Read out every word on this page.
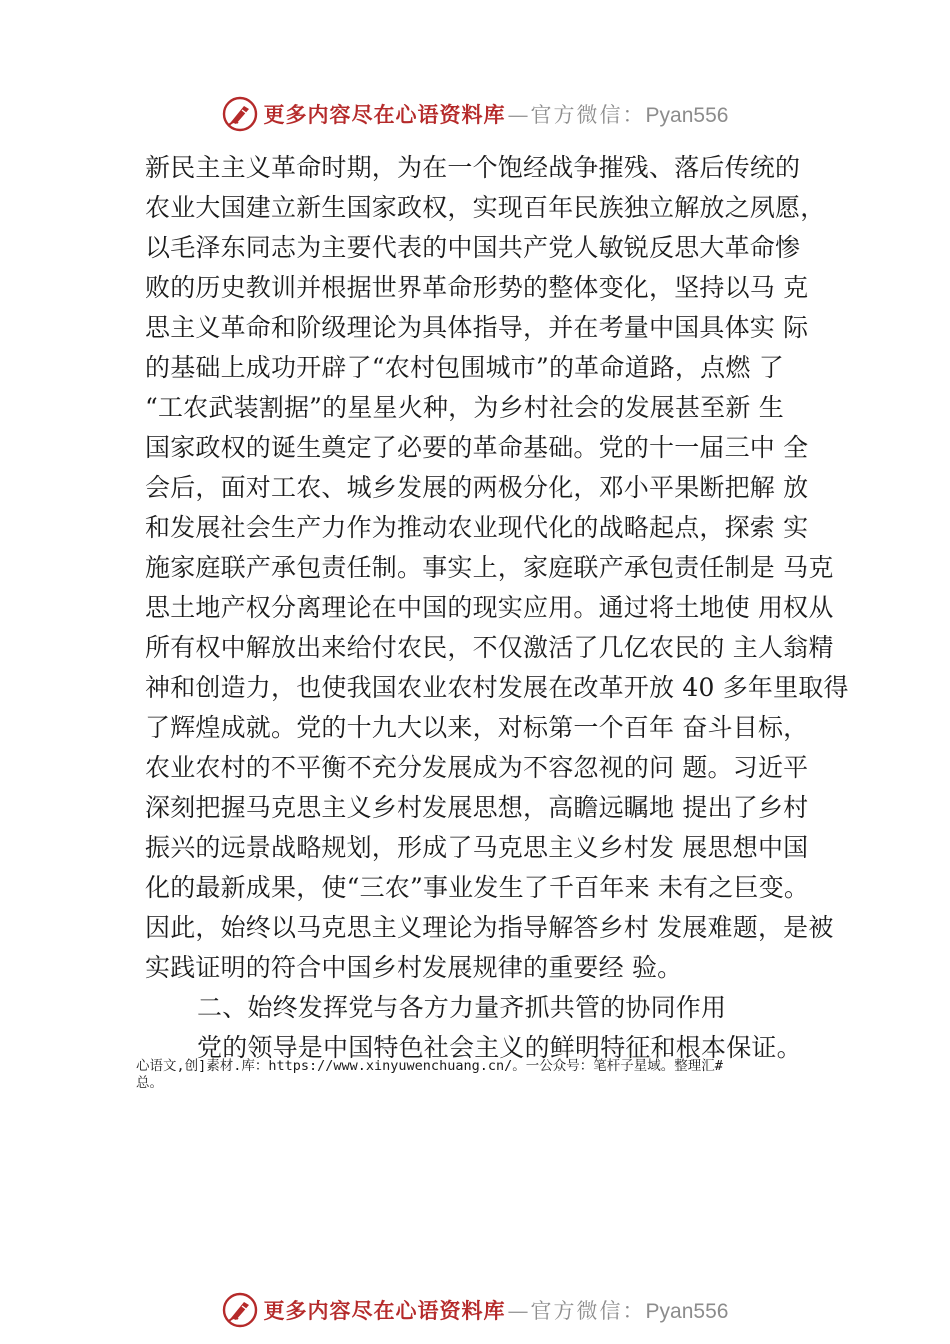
更多内容尽在心语资料库 — 官方微信： Pyan556
新民主主义革命时期，为在一个饱经战争摧残、落后传统的
农业大国建立新生国家政权，实现百年民族独立解放之夙愿，
以毛泽东同志为主要代表的中国共产党人敏锐反思大革命惨
败的历史教训并根据世界革命形势的整体变化，坚持以马 克
思主义革命和阶级理论为具体指导，并在考量中国具体实 际
的基础上成功开辟了“农村包围城市”的革命道路，点燃 了
“工农武装割据”的星星火种，为乡村社会的发展甚至新 生
国家政权的诞生奠定了必要的革命基础。党的十一届三中 全
会后，面对工农、城乡发展的两极分化，邓小平果断把解 放
和发展社会生产力作为推动农业现代化的战略起点，探索 实
施家庭联产承包责任制。事实上，家庭联产承包责任制是 马克
思土地产权分离理论在中国的现实应用。通过将土地使 用权从
所有权中解放出来给付农民，不仅激活了几亿农民的 主人翁精
神和创造力，也使我国农业农村发展在改革开放 40 多年里取得
了辉煌成就。党的十九大以来，对标第一个百年 奋斗目标，
农业农村的不平衡不充分发展成为不容忽视的问 题。习近平
深刻把握马克思主义乡村发展思想，高瞻远瞩地 提出了乡村
振兴的远景战略规划，形成了马克思主义乡村发 展思想中国
化的最新成果，使“三农”事业发生了千百年来 未有之巨变。
因此，始终以马克思主义理论为指导解答乡村 发展难题，是被
实践证明的符合中国乡村发展规律的重要经 验。
二、始终发挥党与各方力量齐抓共管的协同作用
党的领导是中国特色社会主义的鲜明特征和根本保证。
心语文,创]素材.库：https://www.xinyuwenchuang.cn/。一公众号：笔杆子星域。整理汇#
总。
更多内容尽在心语资料库 — 官方微信： Pyan556
